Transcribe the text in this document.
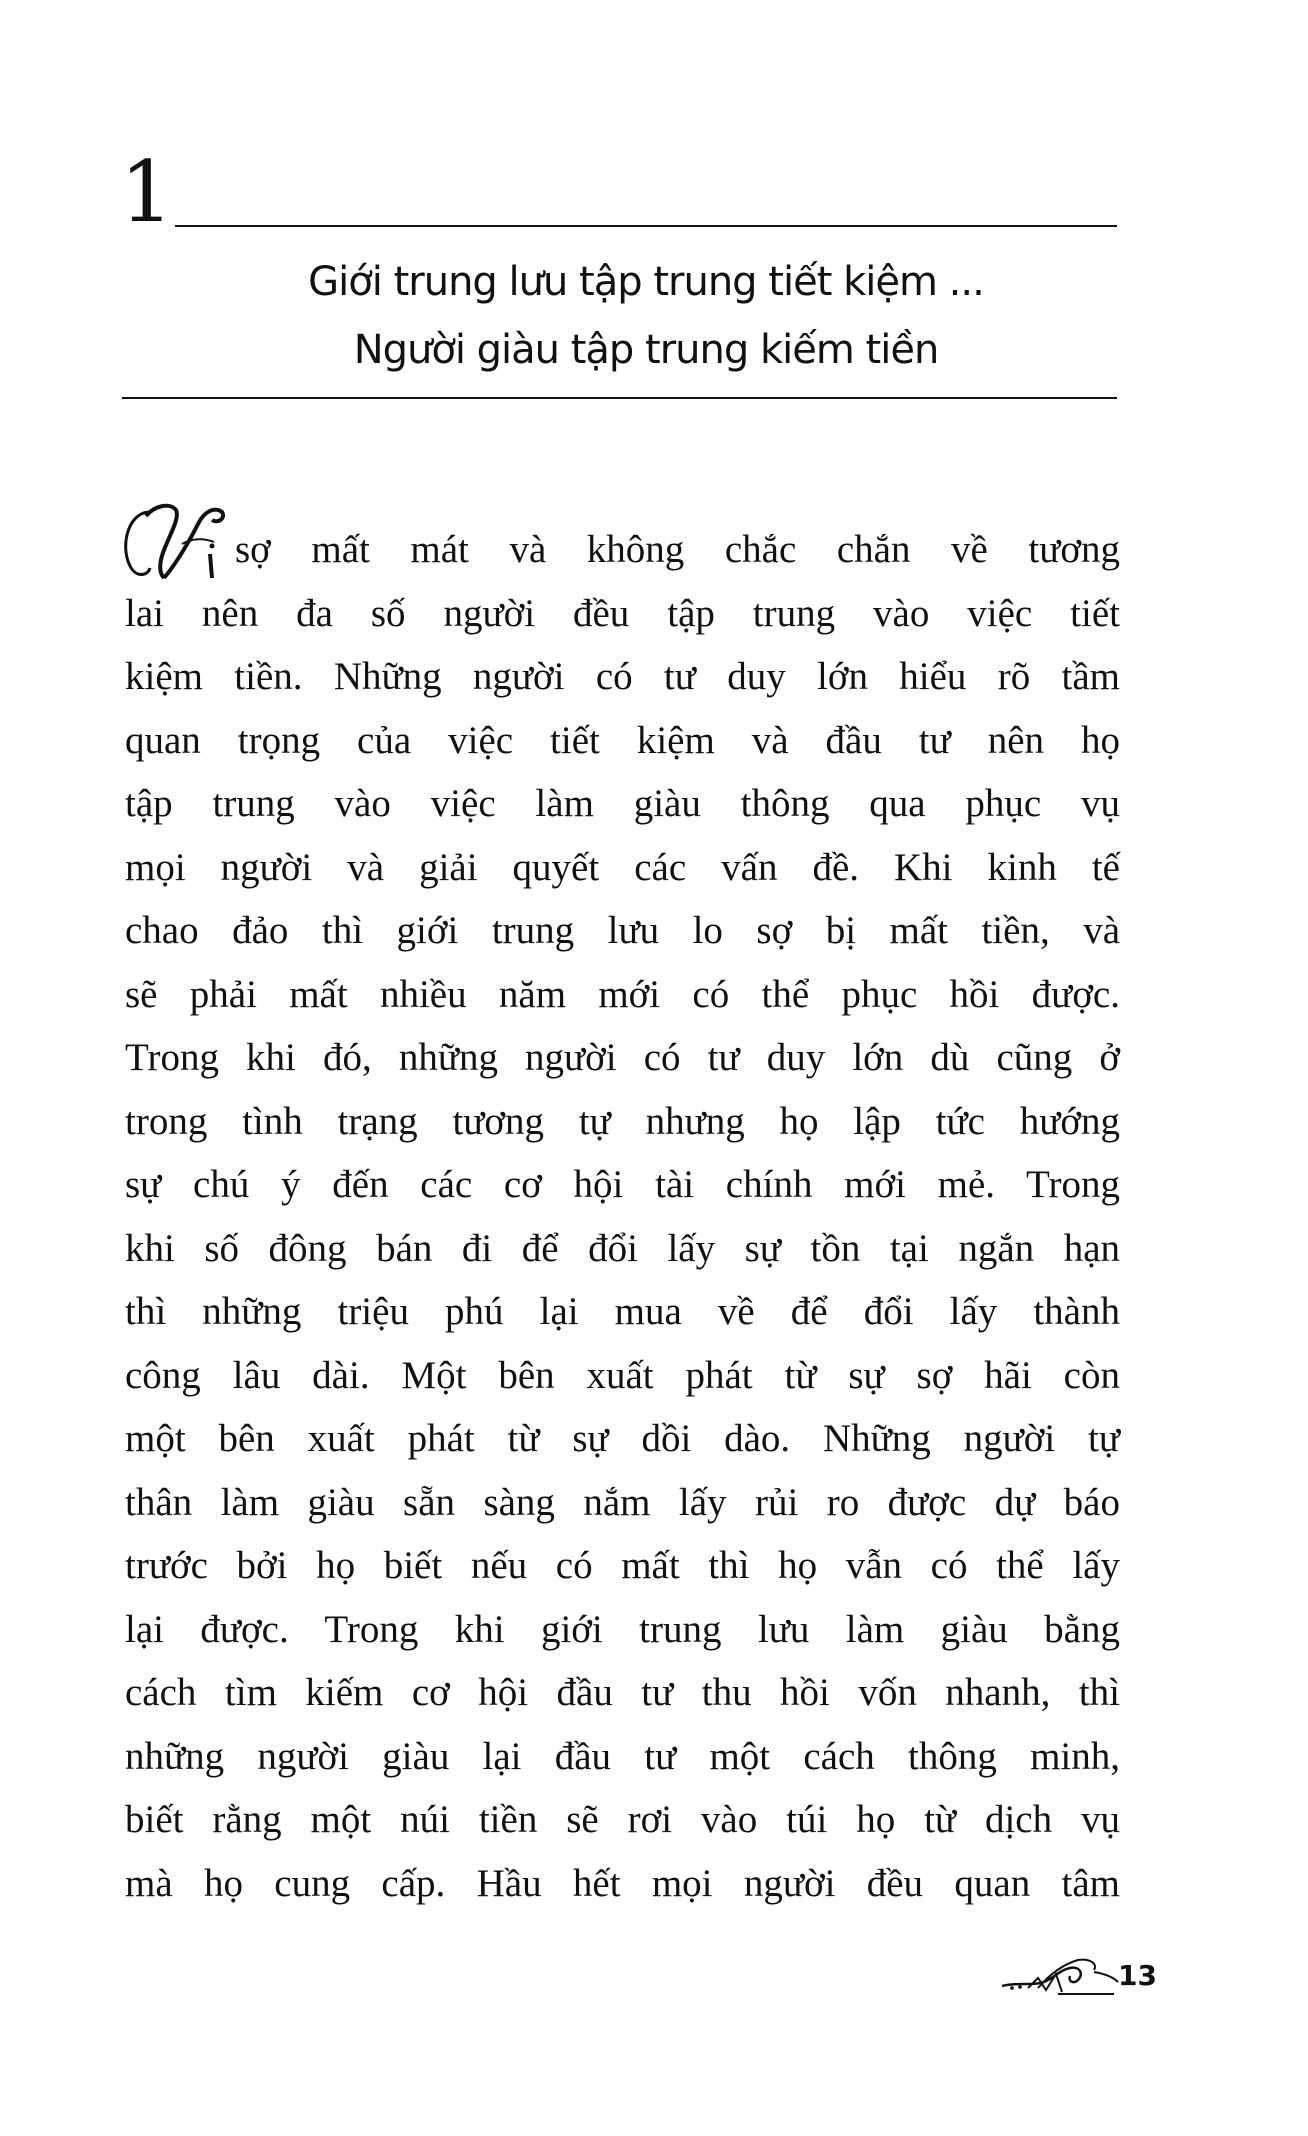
1
Giới trung lưu tập trung tiết kiệm ...
Người giàu tập trung kiếm tiền
sợ mất mát và không chắc chắn về tương
lai nên đa số người đều tập trung vào việc tiết
kiệm tiền. Những người có tư duy lớn hiểu rõ tầm
quan trọng của việc tiết kiệm và đầu tư nên họ
tập trung vào việc làm giàu thông qua phục vụ
mọi người và giải quyết các vấn đề. Khi kinh tế
chao đảo thì giới trung lưu lo sợ bị mất tiền, và
sẽ phải mất nhiều năm mới có thể phục hồi được.
Trong khi đó, những người có tư duy lớn dù cũng ở
trong tình trạng tương tự nhưng họ lập tức hướng
sự chú ý đến các cơ hội tài chính mới mẻ. Trong
khi số đông bán đi để đổi lấy sự tồn tại ngắn hạn
thì những triệu phú lại mua về để đổi lấy thành
công lâu dài. Một bên xuất phát từ sự sợ hãi còn
một bên xuất phát từ sự dồi dào. Những người tự
thân làm giàu sẵn sàng nắm lấy rủi ro được dự báo
trước bởi họ biết nếu có mất thì họ vẫn có thể lấy
lại được. Trong khi giới trung lưu làm giàu bằng
cách tìm kiếm cơ hội đầu tư thu hồi vốn nhanh, thì
những người giàu lại đầu tư một cách thông minh,
biết rằng một núi tiền sẽ rơi vào túi họ từ dịch vụ
mà họ cung cấp. Hầu hết mọi người đều quan tâm
13
